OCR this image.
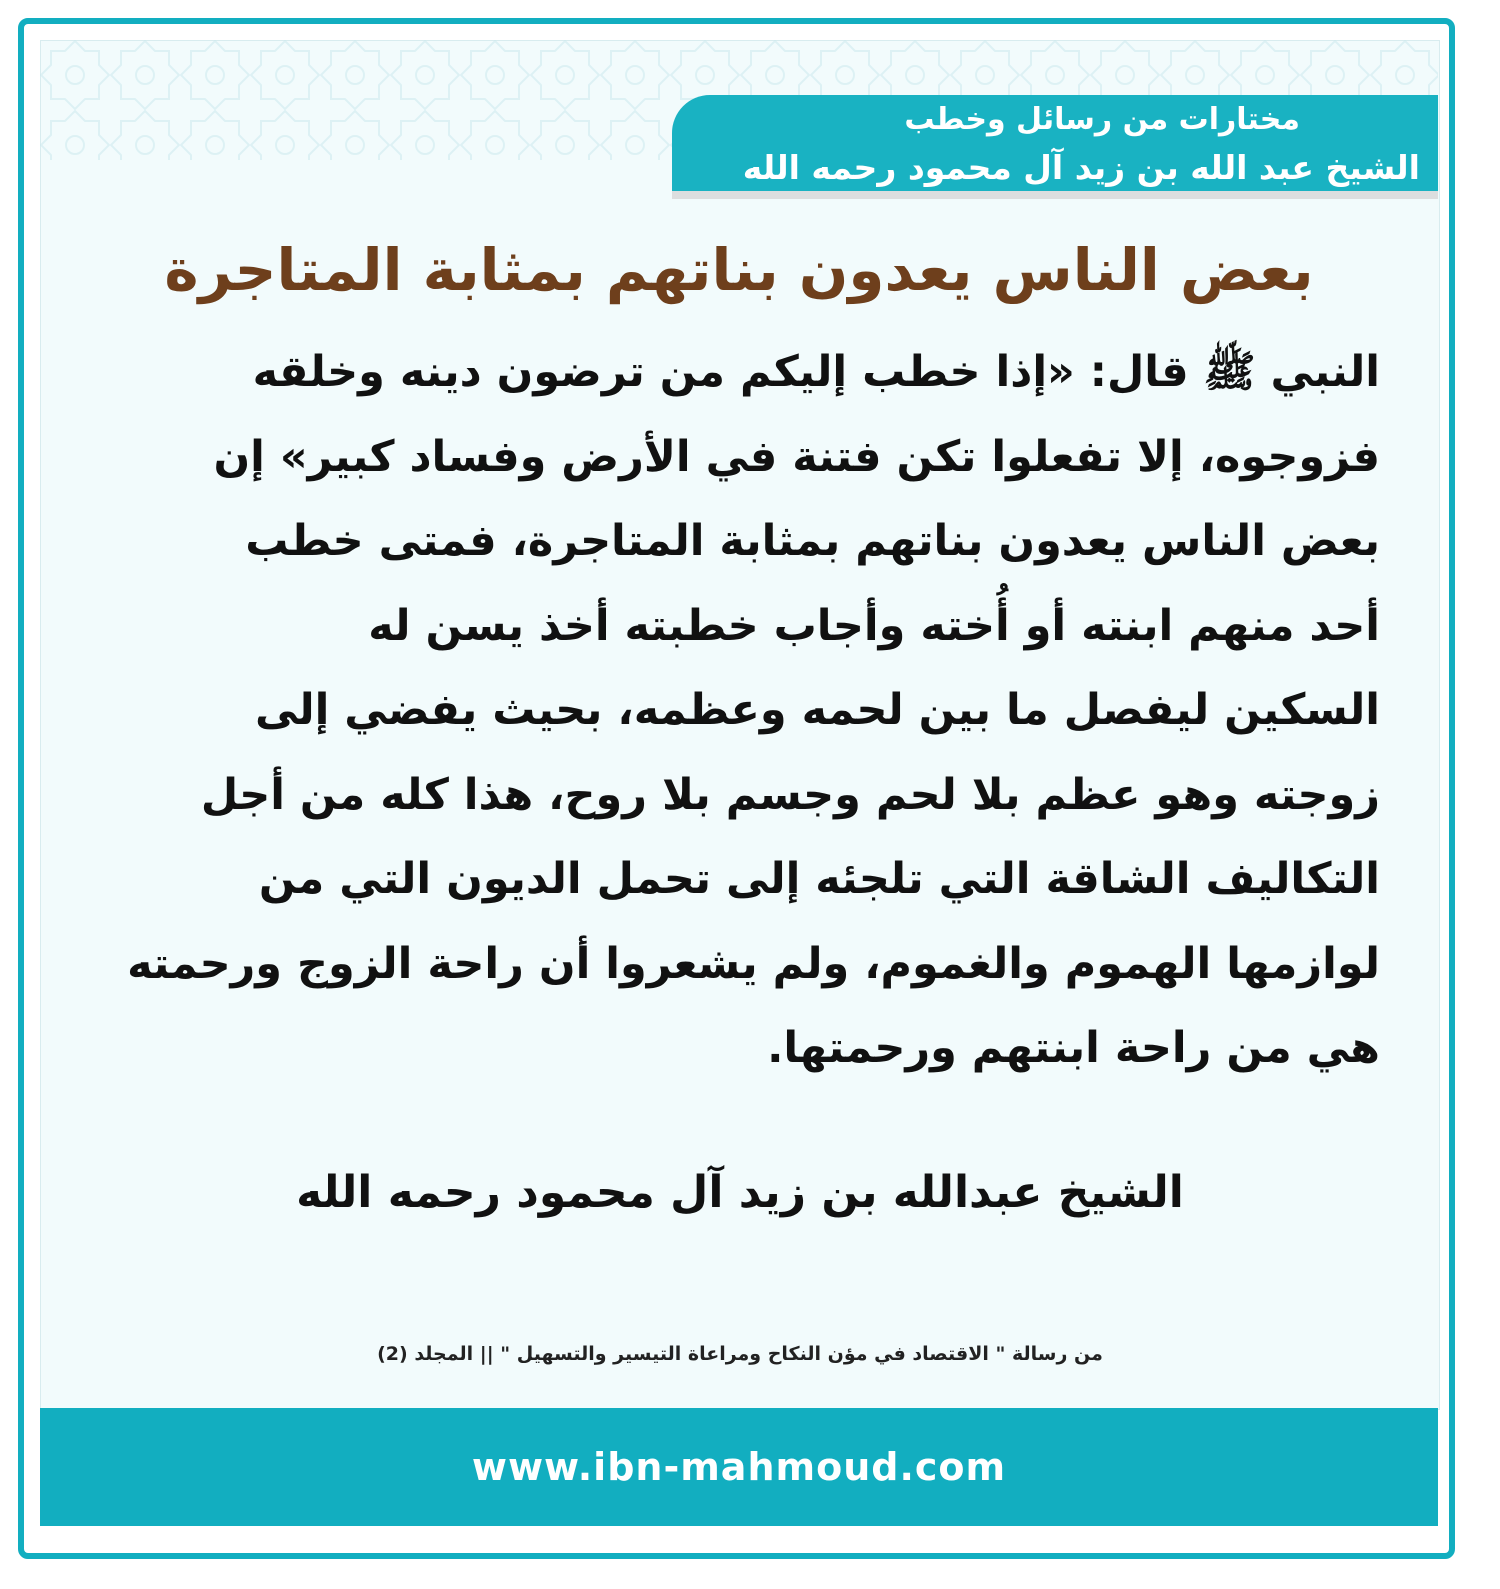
مختارات من رسائل وخطب
الشيخ عبد الله بن زيد آل محمود رحمه الله
بعض الناس يعدون بناتهم بمثابة المتاجرة
النبي ﷺ قال: «إذا خطب إليكم من ترضون دينه وخلقه
فزوجوه، إلا تفعلوا تكن فتنة في الأرض وفساد كبير» إن
بعض الناس يعدون بناتهم بمثابة المتاجرة، فمتى خطب
أحد منهم ابنته أو أُخته وأجاب خطبته أخذ يسن له
السكين ليفصل ما بين لحمه وعظمه، بحيث يفضي إلى
زوجته وهو عظم بلا لحم وجسم بلا روح، هذا كله من أجل
التكاليف الشاقة التي تلجئه إلى تحمل الديون التي من
لوازمها الهموم والغموم، ولم يشعروا أن راحة الزوج ورحمته
هي من راحة ابنتهم ورحمتها.
الشيخ عبدالله بن زيد آل محمود رحمه الله
من رسالة " الاقتصاد في مؤن النكاح ومراعاة التيسير والتسهيل " || المجلد (2)
www.ibn-mahmoud.com
